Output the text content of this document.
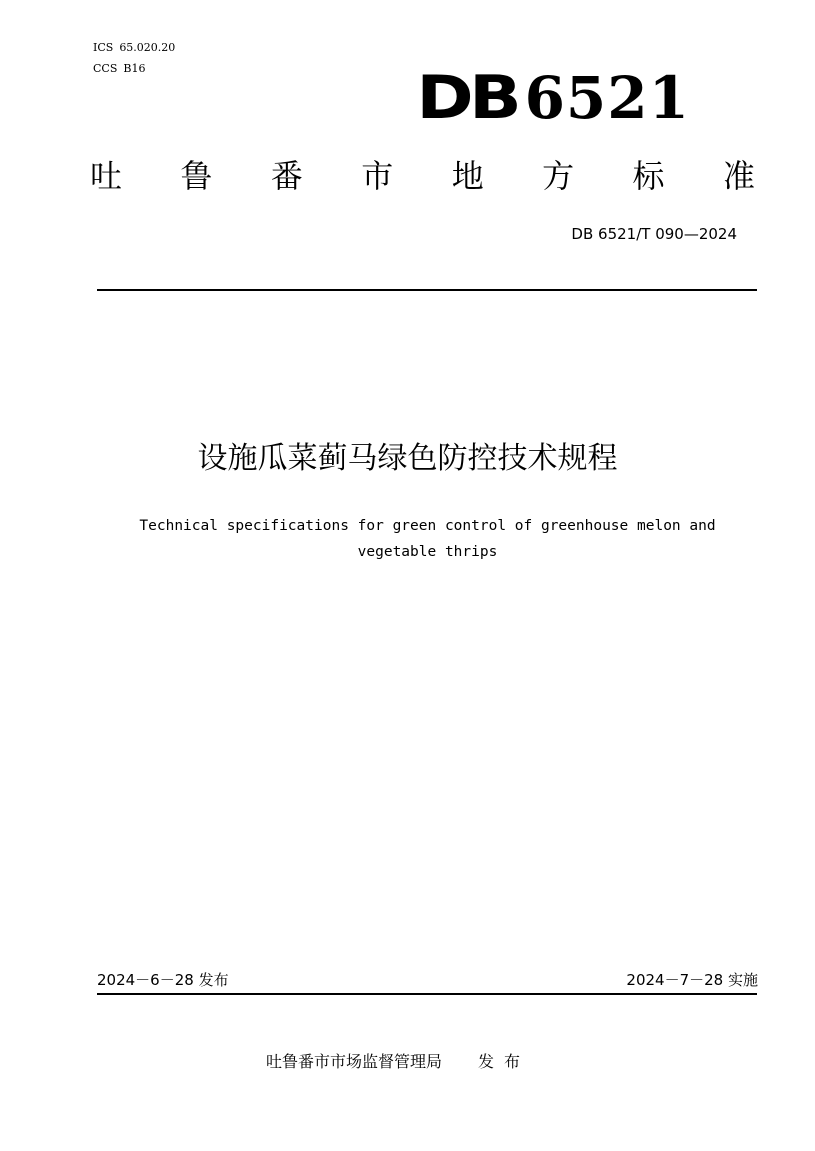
ICS 65.020.20
CCS B16	DB 6521
吐 鲁 番 市 地 方 标 准
DB 6521/T 090—2024
设施瓜菜蓟马绿色防控技术规程
Technical specifications for green control of greenhouse melon and vegetable thrips
2024－6－28 发布	2024－7－28 实施
吐鲁番市市场监督管理局 发布
